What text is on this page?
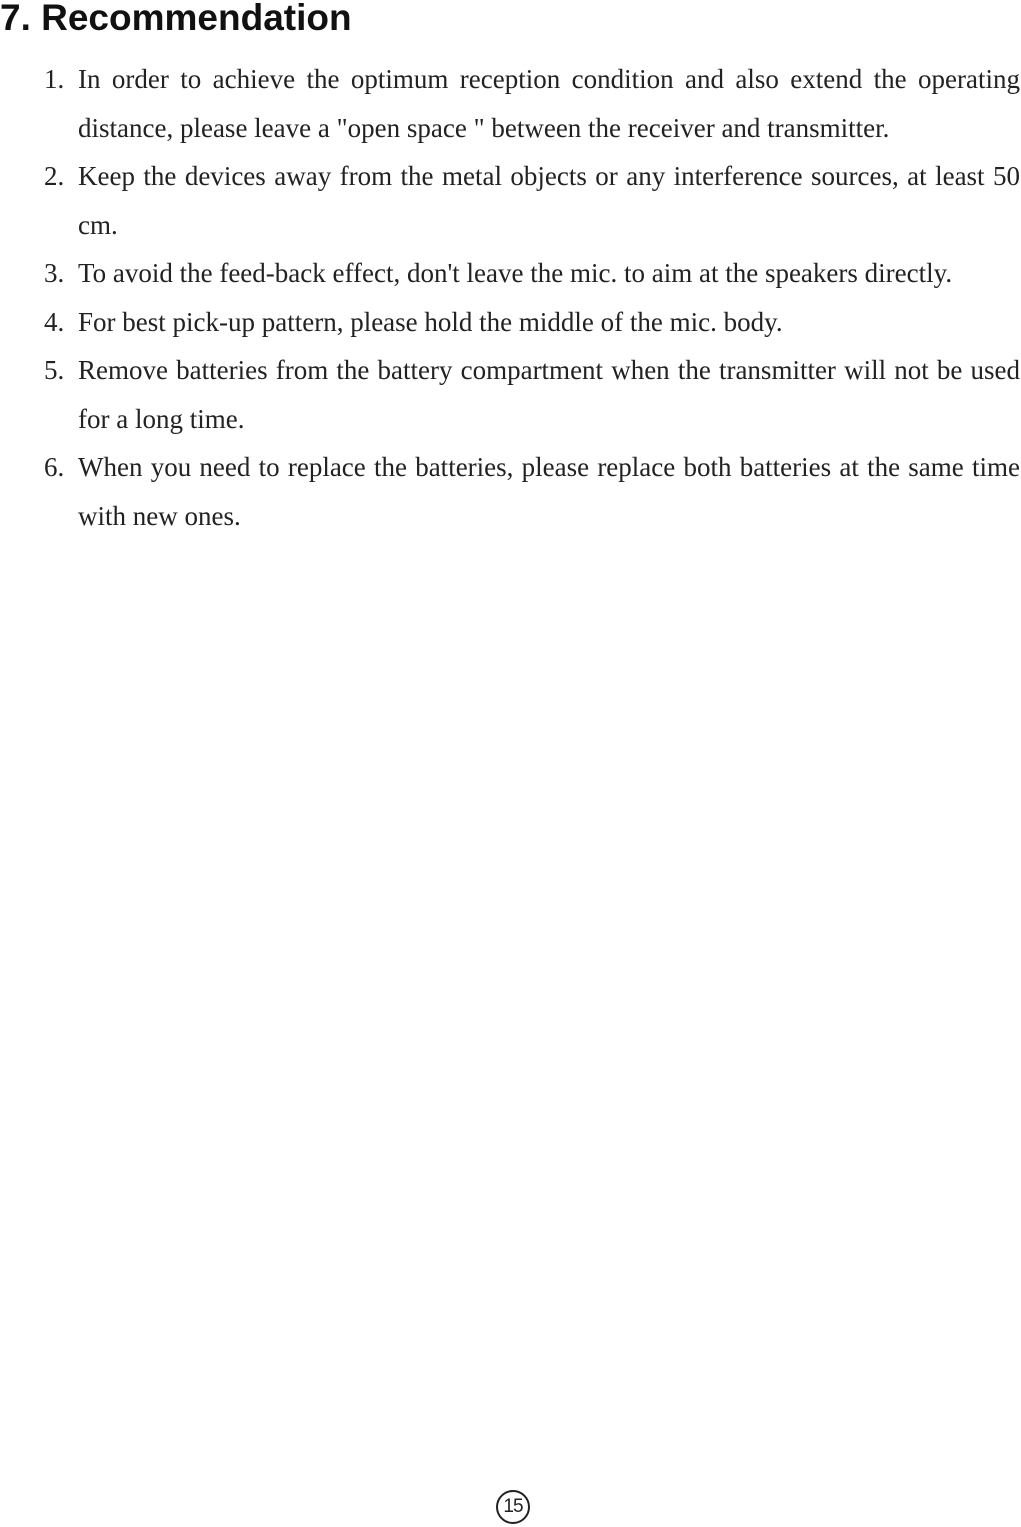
7. Recommendation
1. In order to achieve the optimum reception condition and also extend the operating distance, please leave a "open space " between the receiver and transmitter.
2. Keep the devices away from the metal objects or any interference sources, at least 50 cm.
3. To avoid the feed-back effect, don't leave the mic. to aim at the speakers directly.
4. For best pick-up pattern, please hold the middle of the mic. body.
5. Remove batteries from the battery compartment when the transmitter will not be used for a long time.
6. When you need to replace the batteries, please replace both batteries at the same time with new ones.
15
